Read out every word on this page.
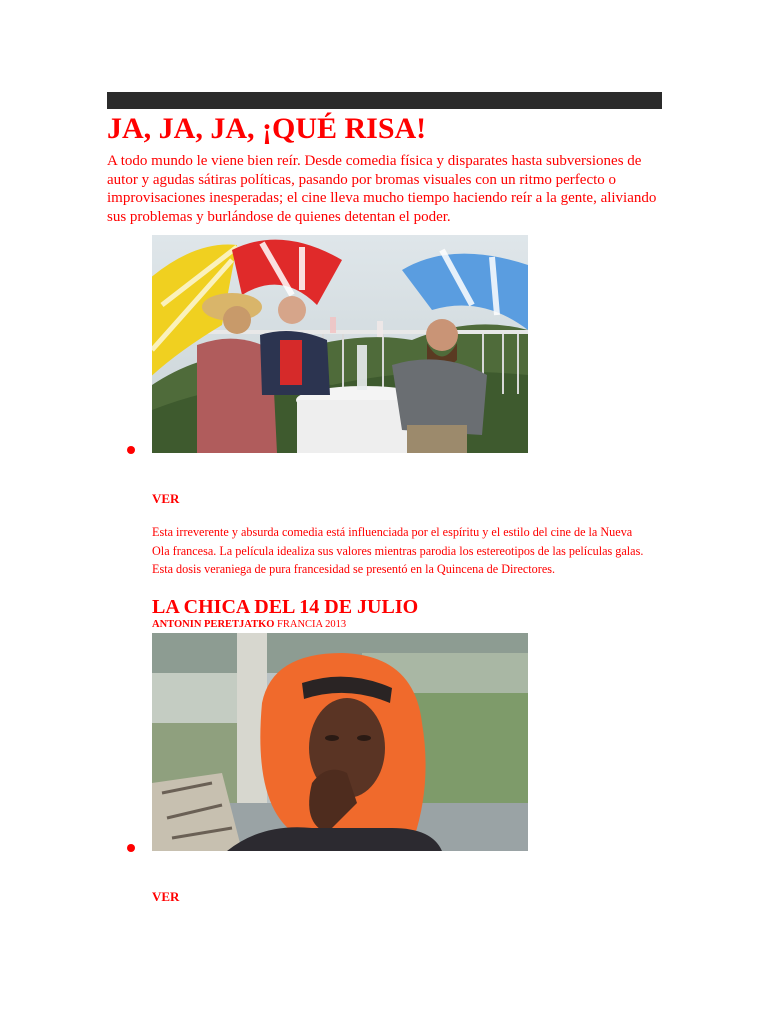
JA, JA, JA, ¡QUÉ RISA!

A todo mundo le viene bien reír. Desde comedia física y disparates hasta subversiones de autor y agudas sátiras políticas, pasando por bromas visuales con un ritmo perfecto o improvisaciones inesperadas; el cine lleva mucho tiempo haciendo reír a la gente, aliviando sus problemas y burlándose de quienes detentan el poder.

VER

Esta irreverente y absurda comedia está influenciada por el espíritu y el estilo del cine de la Nueva Ola francesa. La película idealiza sus valores mientras parodia los estereotipos de las películas galas. Esta dosis veraniega de pura francesidad se presentó en la Quincena de Directores.

LA CHICA DEL 14 DE JULIO
ANTONIN PERETJATKO FRANCIA 2013
VER
